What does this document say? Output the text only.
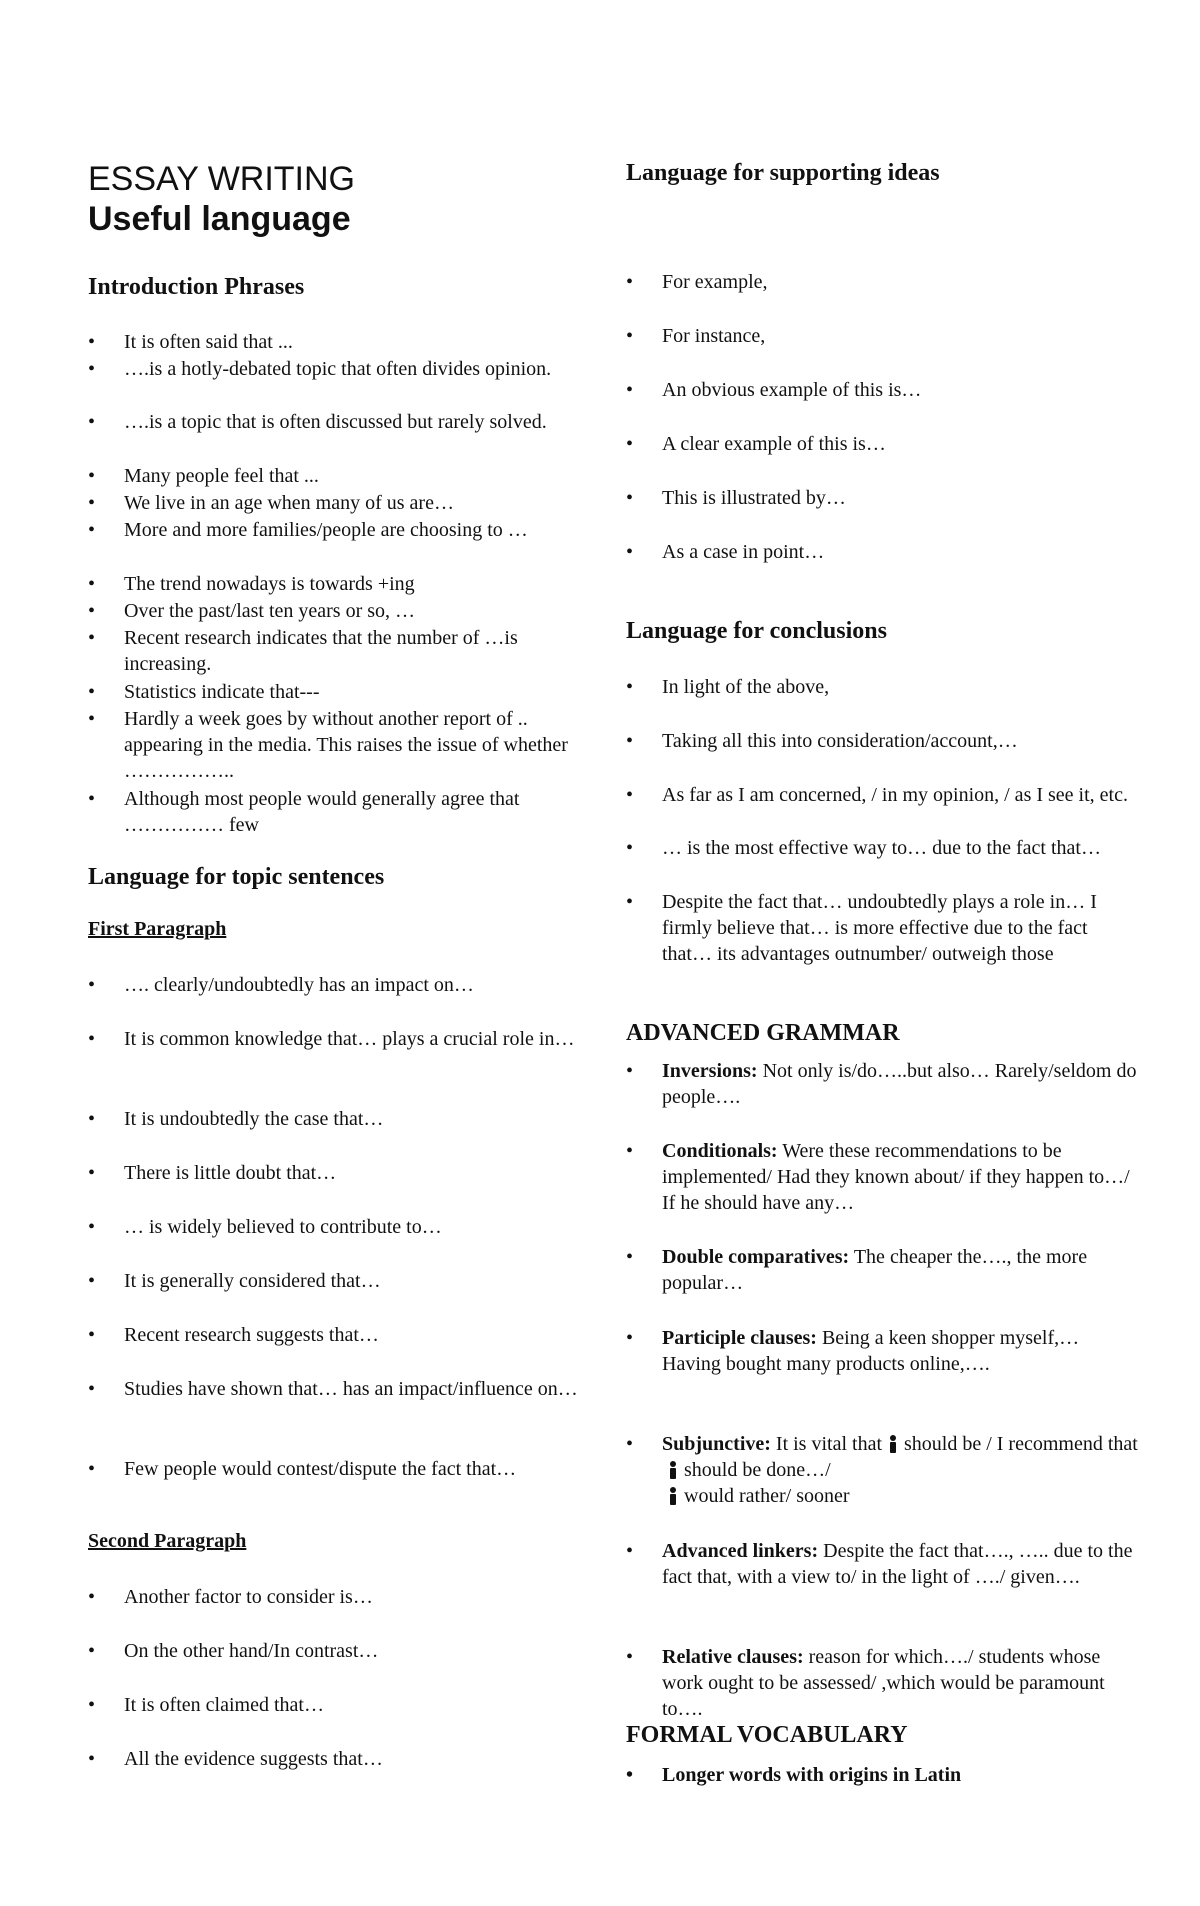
ESSAY WRITING
Useful language
Introduction Phrases
• It is often said that ...
• ….is a hotly-debated topic that often divides opinion.
• ….is a topic that is often discussed but rarely solved.
• Many people feel that ...
• We live in an age when many of us are…
• More and more families/people are choosing to …
• The trend nowadays is towards +ing
• Over the past/last ten years or so, …
• Recent research indicates that the number of …is increasing.
• Statistics indicate that---
• Hardly a week goes by without another report of .. appearing in the media. This raises the issue of whether ……………..
• Although most people would generally agree that …………… few
Language for topic sentences
First Paragraph
• …. clearly/undoubtedly has an impact on…
• It is common knowledge that… plays a crucial role in…
• It is undoubtedly the case that…
• There is little doubt that…
• … is widely believed to contribute to…
• It is generally considered that…
• Recent research suggests that…
• Studies have shown that… has an impact/influence on…
• Few people would contest/dispute the fact that…
Second Paragraph
• Another factor to consider is…
• On the other hand/In contrast…
• It is often claimed that…
• All the evidence suggests that…
Language for supporting ideas
• For example,
• For instance,
• An obvious example of this is…
• A clear example of this is…
• This is illustrated by…
• As a case in point…
Language for conclusions
• In light of the above,
• Taking all this into consideration/account,…
• As far as I am concerned, / in my opinion, / as I see it, etc.
• … is the most effective way to… due to the fact that…
• Despite the fact that… undoubtedly plays a role in… I firmly believe that… is more effective due to the fact that… its advantages outnumber/ outweigh those
ADVANCED GRAMMAR
• Inversions: Not only is/do…..but also… Rarely/seldom do people….
• Conditionals: Were these recommendations to be implemented/ Had they known about/ if they happen to…/ If he should have any…
• Double comparatives: The cheaper the…., the more popular…
• Participle clauses: Being a keen shopper myself,… Having bought many products online,….
• Subjunctive: It is vital that should be / I recommend thatshould be done…/
would rather/ sooner
• Advanced linkers: Despite the fact that…., ….. due to the fact that, with a view to/ in the light of …./ given….
• Relative clauses: reason for which…./ students whose work ought to be assessed/ ,which would be paramount to….
FORMAL VOCABULARY
• Longer words with origins in Latin
